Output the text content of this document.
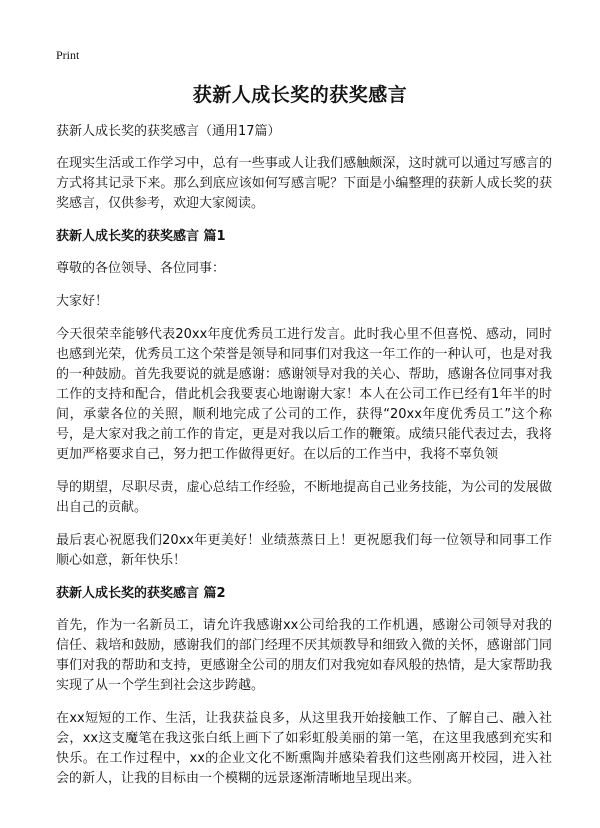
Print
获新人成长奖的获奖感言

获新人成长奖的获奖感言（通用17篇）

在现实生活或工作学习中，总有一些事或人让我们感触颇深，这时就可以通过写感言的方式将其记录下来。那么到底应该如何写感言呢？下面是小编整理的获新人成长奖的获奖感言，仅供参考，欢迎大家阅读。

获新人成长奖的获奖感言 篇1

尊敬的各位领导、各位同事：

大家好！

今天很荣幸能够代表20xx年度优秀员工进行发言。此时我心里不但喜悦、感动，同时也感到光荣，优秀员工这个荣誉是领导和同事们对我这一年工作的一种认可，也是对我的一种鼓励。首先我要说的就是感谢：感谢领导对我的关心、帮助，感谢各位同事对我工作的支持和配合，借此机会我要衷心地谢谢大家！本人在公司工作已经有1年半的时间，承蒙各位的关照，顺利地完成了公司的工作，获得“20xx年度优秀员工”这个称号，是大家对我之前工作的肯定，更是对我以后工作的鞭策。成绩只能代表过去，我将更加严格要求自己，努力把工作做得更好。在以后的工作当中，我将不辜负领

导的期望，尽职尽责，虚心总结工作经验，不断地提高自己业务技能，为公司的发展做出自己的贡献。

最后衷心祝愿我们20xx年更美好！业绩蒸蒸日上！更祝愿我们每一位领导和同事工作顺心如意，新年快乐！

获新人成长奖的获奖感言 篇2

首先，作为一名新员工，请允许我感谢xx公司给我的工作机遇，感谢公司领导对我的信任、栽培和鼓励，感谢我们的部门经理不厌其烦教导和细致入微的关怀，感谢部门同事们对我的帮助和支持，更感谢全公司的朋友们对我宛如春风般的热情，是大家帮助我实现了从一个学生到社会这步跨越。

在xx短短的工作、生活，让我获益良多，从这里我开始接触工作、了解自己、融入社会，xx这支魔笔在我这张白纸上画下了如彩虹般美丽的第一笔，在这里我感到充实和快乐。在工作过程中，xx的企业文化不断熏陶并感染着我们这些刚离开校园，进入社会的新人，让我的目标由一个模糊的远景逐渐清晰地呈现出来。
